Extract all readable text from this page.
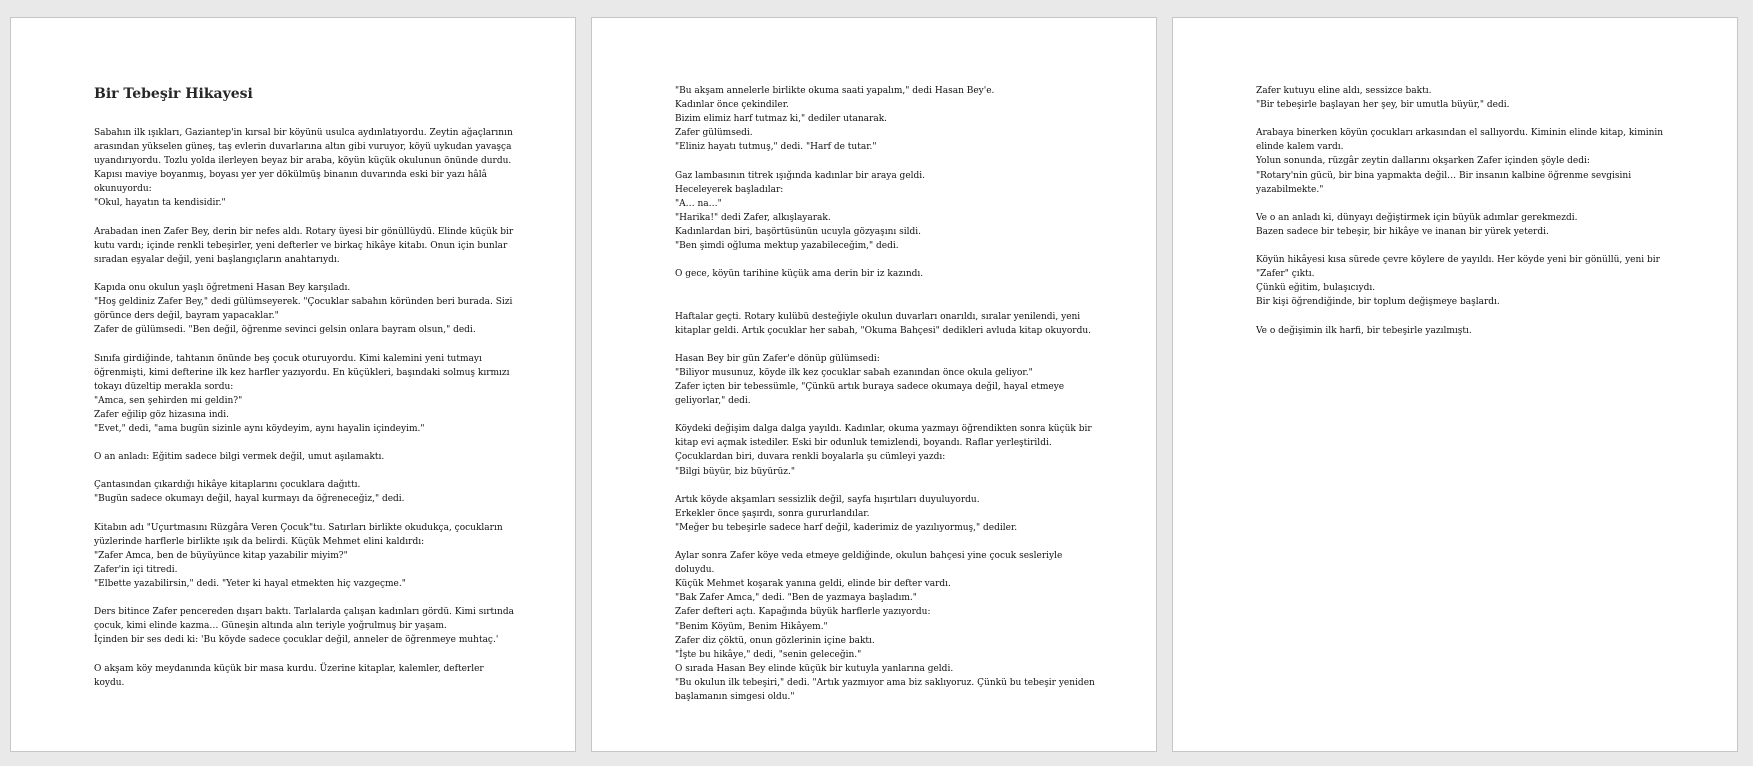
Bir Tebeşir Hikayesi
Sabahın ilk ışıkları, Gaziantep'in kırsal bir köyünü usulca aydınlatıyordu. Zeytin ağaçlarının
arasından yükselen güneş, taş evlerin duvarlarına altın gibi vuruyor, köyü uykudan yavaşça
uyandırıyordu. Tozlu yolda ilerleyen beyaz bir araba, köyün küçük okulunun önünde durdu.
Kapısı maviye boyanmış, boyası yer yer dökülmüş binanın duvarında eski bir yazı hâlâ
okunuyordu:
"Okul, hayatın ta kendisidir."
Arabadan inen Zafer Bey, derin bir nefes aldı. Rotary üyesi bir gönüllüydü. Elinde küçük bir
kutu vardı; içinde renkli tebeşirler, yeni defterler ve birkaç hikâye kitabı. Onun için bunlar
sıradan eşyalar değil, yeni başlangıçların anahtarıydı.
Kapıda onu okulun yaşlı öğretmeni Hasan Bey karşıladı.
"Hoş geldiniz Zafer Bey," dedi gülümseyerek. "Çocuklar sabahın köründen beri burada. Sizi
görünce ders değil, bayram yapacaklar."
Zafer de gülümsedi. "Ben değil, öğrenme sevinci gelsin onlara bayram olsun," dedi.
Sınıfa girdiğinde, tahtanın önünde beş çocuk oturuyordu. Kimi kalemini yeni tutmayı
öğrenmişti, kimi defterine ilk kez harfler yazıyordu. En küçükleri, başındaki solmuş kırmızı
tokayı düzeltip merakla sordu:
"Amca, sen şehirden mi geldin?"
Zafer eğilip göz hizasına indi.
"Evet," dedi, "ama bugün sizinle aynı köydeyim, aynı hayalin içindeyim."
O an anladı: Eğitim sadece bilgi vermek değil, umut aşılamaktı.
Çantasından çıkardığı hikâye kitaplarını çocuklara dağıttı.
"Bugün sadece okumayı değil, hayal kurmayı da öğreneceğiz," dedi.
Kitabın adı "Uçurtmasını Rüzgâra Veren Çocuk"tu. Satırları birlikte okudukça, çocukların
yüzlerinde harflerle birlikte ışık da belirdi. Küçük Mehmet elini kaldırdı:
"Zafer Amca, ben de büyüyünce kitap yazabilir miyim?"
Zafer'in içi titredi.
"Elbette yazabilirsin," dedi. "Yeter ki hayal etmekten hiç vazgeçme."
Ders bitince Zafer pencereden dışarı baktı. Tarlalarda çalışan kadınları gördü. Kimi sırtında
çocuk, kimi elinde kazma… Güneşin altında alın teriyle yoğrulmuş bir yaşam.
İçinden bir ses dedi ki: 'Bu köyde sadece çocuklar değil, anneler de öğrenmeye muhtaç.'
O akşam köy meydanında küçük bir masa kurdu. Üzerine kitaplar, kalemler, defterler
koydu.
"Bu akşam annelerle birlikte okuma saati yapalım," dedi Hasan Bey'e.
Kadınlar önce çekindiler.
Bizim elimiz harf tutmaz ki," dediler utanarak.
Zafer gülümsedi.
"Eliniz hayatı tutmuş," dedi. "Harf de tutar."
Gaz lambasının titrek ışığında kadınlar bir araya geldi.
Heceleyerek başladılar:
"A… na…"
"Harika!" dedi Zafer, alkışlayarak.
Kadınlardan biri, başörtüsünün ucuyla gözyaşını sildi.
"Ben şimdi oğluma mektup yazabileceğim," dedi.
O gece, köyün tarihine küçük ama derin bir iz kazındı.
Haftalar geçti. Rotary kulübü desteğiyle okulun duvarları onarıldı, sıralar yenilendi, yeni
kitaplar geldi. Artık çocuklar her sabah, "Okuma Bahçesi" dedikleri avluda kitap okuyordu.
Hasan Bey bir gün Zafer'e dönüp gülümsedi:
"Biliyor musunuz, köyde ilk kez çocuklar sabah ezanından önce okula geliyor."
Zafer içten bir tebessümle, "Çünkü artık buraya sadece okumaya değil, hayal etmeye
geliyorlar," dedi.
Köydeki değişim dalga dalga yayıldı. Kadınlar, okuma yazmayı öğrendikten sonra küçük bir
kitap evi açmak istediler. Eski bir odunluk temizlendi, boyandı. Raflar yerleştirildi.
Çocuklardan biri, duvara renkli boyalarla şu cümleyi yazdı:
"Bilgi büyür, biz büyürüz."
Artık köyde akşamları sessizlik değil, sayfa hışırtıları duyuluyordu.
Erkekler önce şaşırdı, sonra gururlandılar.
"Meğer bu tebeşirle sadece harf değil, kaderimiz de yazılıyormuş," dediler.
Aylar sonra Zafer köye veda etmeye geldiğinde, okulun bahçesi yine çocuk sesleriyle
doluydu.
Küçük Mehmet koşarak yanına geldi, elinde bir defter vardı.
"Bak Zafer Amca," dedi. "Ben de yazmaya başladım."
Zafer defteri açtı. Kapağında büyük harflerle yazıyordu:
"Benim Köyüm, Benim Hikâyem."
Zafer diz çöktü, onun gözlerinin içine baktı.
"İşte bu hikâye," dedi, "senin geleceğin."
O sırada Hasan Bey elinde küçük bir kutuyla yanlarına geldi.
"Bu okulun ilk tebeşiri," dedi. "Artık yazmıyor ama biz saklıyoruz. Çünkü bu tebeşir yeniden
başlamanın simgesi oldu."
Zafer kutuyu eline aldı, sessizce baktı.
"Bir tebeşirle başlayan her şey, bir umutla büyür," dedi.
Arabaya binerken köyün çocukları arkasından el sallıyordu. Kiminin elinde kitap, kiminin
elinde kalem vardı.
Yolun sonunda, rüzgâr zeytin dallarını okşarken Zafer içinden şöyle dedi:
"Rotary'nin gücü, bir bina yapmakta değil… Bir insanın kalbine öğrenme sevgisini
yazabilmekte."
Ve o an anladı ki, dünyayı değiştirmek için büyük adımlar gerekmezdi.
Bazen sadece bir tebeşir, bir hikâye ve inanan bir yürek yeterdi.
Köyün hikâyesi kısa sürede çevre köylere de yayıldı. Her köyde yeni bir gönüllü, yeni bir
"Zafer" çıktı.
Çünkü eğitim, bulaşıcıydı.
Bir kişi öğrendiğinde, bir toplum değişmeye başlardı.
Ve o değişimin ilk harfi, bir tebeşirle yazılmıştı.
